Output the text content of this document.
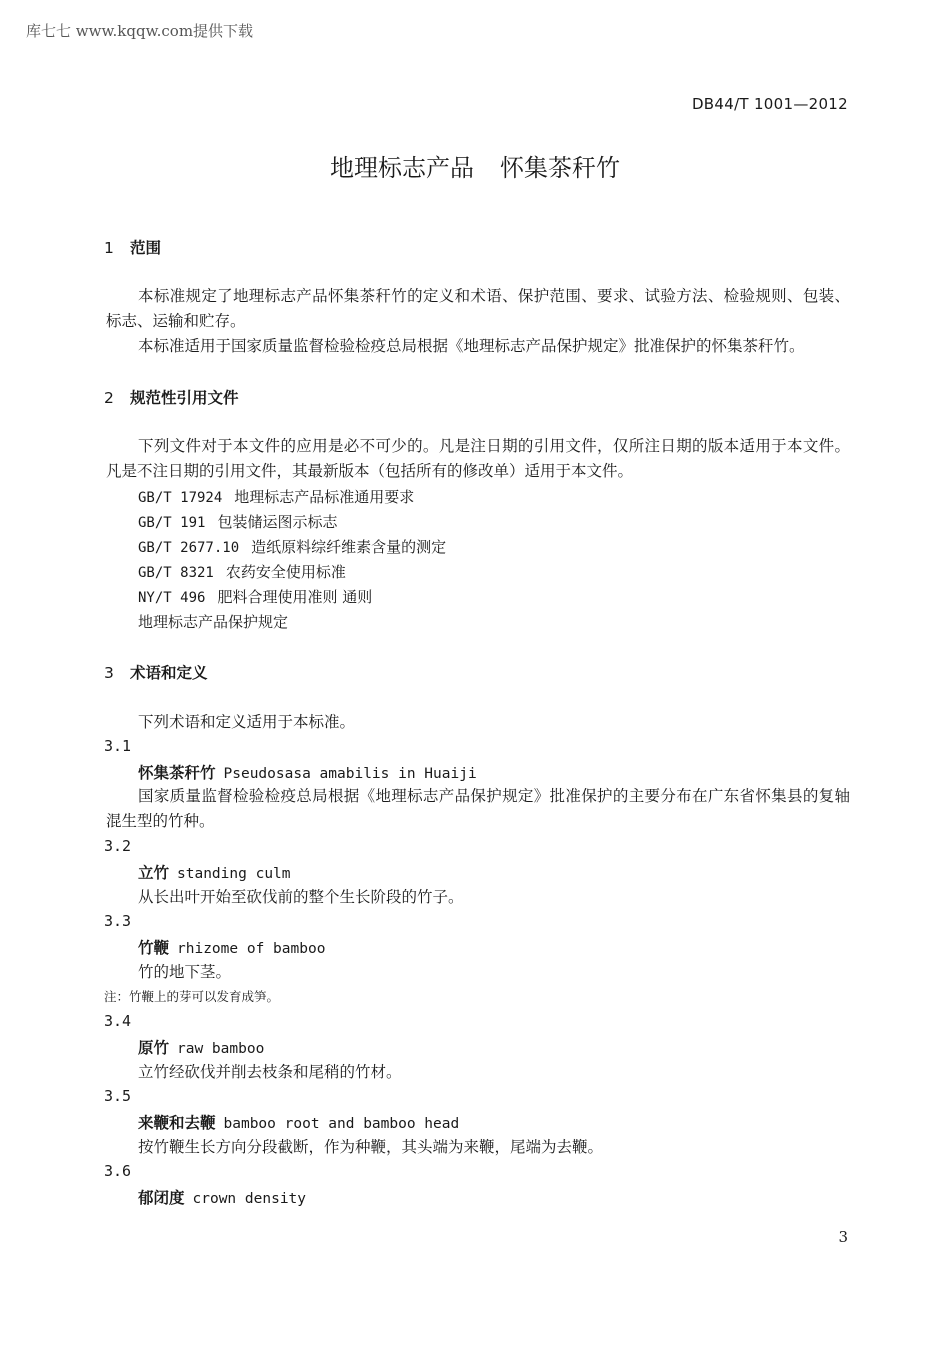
库七七 www.kqqw.com提供下载
DB44/T 1001—2012
地理标志产品 怀集茶秆竹
1 范围
本标准规定了地理标志产品怀集茶秆竹的定义和术语、保护范围、要求、试验方法、检验规则、包装、标志、运输和贮存。
本标准适用于国家质量监督检验检疫总局根据《地理标志产品保护规定》批准保护的怀集茶秆竹。
2 规范性引用文件
下列文件对于本文件的应用是必不可少的。凡是注日期的引用文件，仅所注日期的版本适用于本文件。凡是不注日期的引用文件，其最新版本（包括所有的修改单）适用于本文件。
GB/T 17924 地理标志产品标准通用要求
GB/T 191 包装储运图示标志
GB/T 2677.10 造纸原料综纤维素含量的测定
GB/T 8321 农药安全使用标准
NY/T 496 肥料合理使用准则 通则
地理标志产品保护规定
3 术语和定义
下列术语和定义适用于本标准。
3.1
怀集茶秆竹 Pseudosasa amabilis in Huaiji
国家质量监督检验检疫总局根据《地理标志产品保护规定》批准保护的主要分布在广东省怀集县的复轴混生型的竹种。
3.2
立竹 standing culm
从长出叶开始至砍伐前的整个生长阶段的竹子。
3.3
竹鞭 rhizome of bamboo
竹的地下茎。
注：竹鞭上的芽可以发育成笋。
3.4
原竹 raw bamboo
立竹经砍伐并削去枝条和尾稍的竹材。
3.5
来鞭和去鞭 bamboo root and bamboo head
按竹鞭生长方向分段截断，作为种鞭，其头端为来鞭，尾端为去鞭。
3.6
郁闭度 crown density
3
